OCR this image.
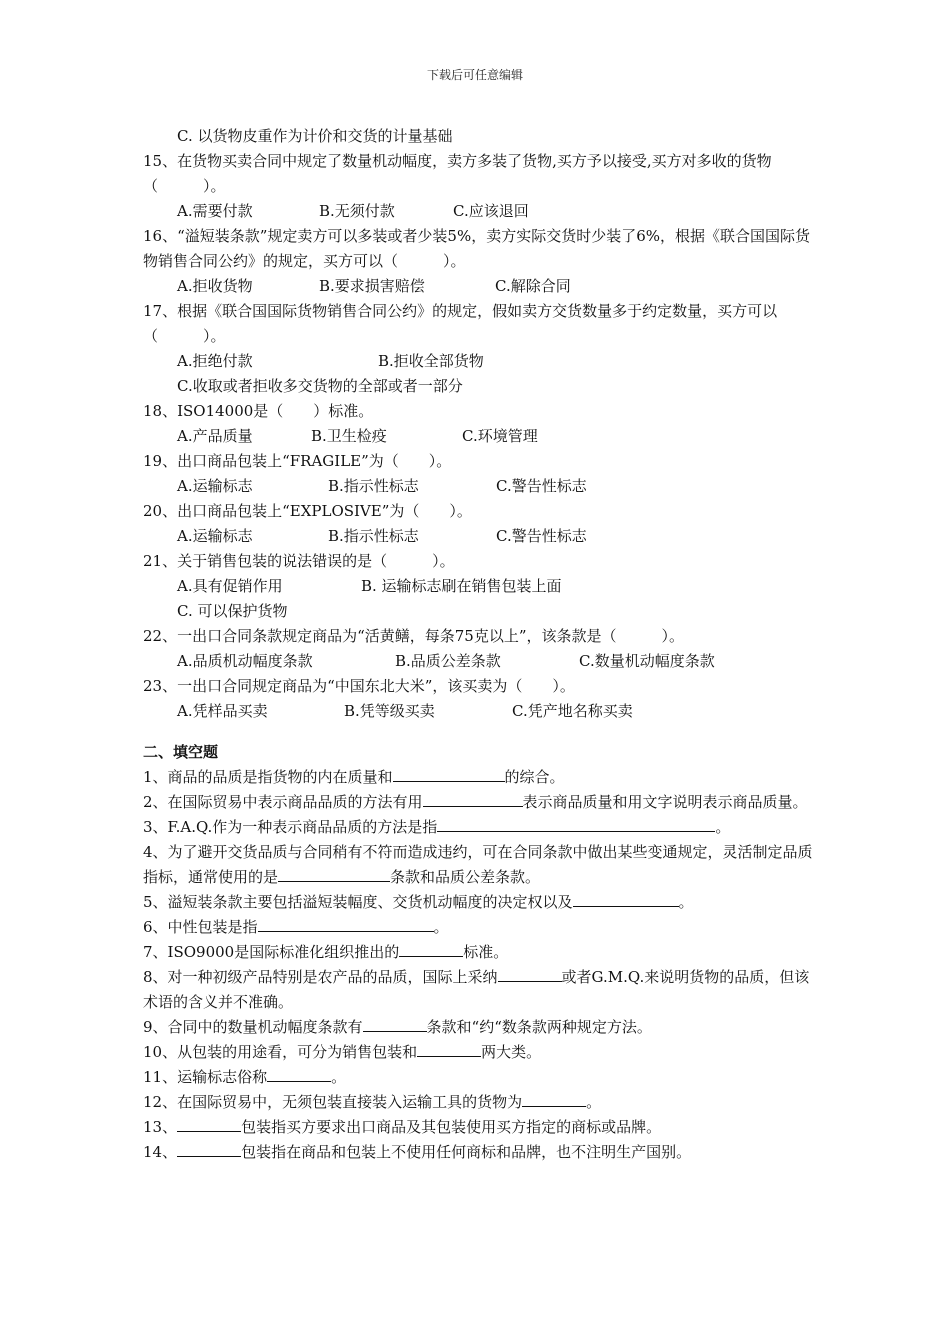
下载后可任意编辑
C. 以货物皮重作为计价和交货的计量基础
15、在货物买卖合同中规定了数量机动幅度，卖方多装了货物,买方予以接受,买方对多收的货物（　　　）。
A.需要付款	B.无须付款	C.应该退回
16、“溢短装条款”规定卖方可以多装或者少装5%，卖方实际交货时少装了6%，根据《联合国国际货物销售合同公约》的规定，买方可以（　　　）。
A.拒收货物	B.要求损害赔偿	C.解除合同
17、根据《联合国国际货物销售合同公约》的规定，假如卖方交货数量多于约定数量，买方可以（　　　）。
A.拒绝付款	B.拒收全部货物
C.收取或者拒收多交货物的全部或者一部分
18、ISO14000是（　　）标准。
A.产品质量	B.卫生检疫	C.环境管理
19、出口商品包装上“FRAGILE”为（　　）。
A.运输标志	B.指示性标志	C.警告性标志
20、出口商品包装上“EXPLOSIVE”为（　　）。
A.运输标志	B.指示性标志	C.警告性标志
21、关于销售包装的说法错误的是（　　　）。
A.具有促销作用	B. 运输标志刷在销售包装上面
C. 可以保护货物
22、一出口合同条款规定商品为“活黄鳝，每条75克以上”，该条款是（　　　）。
A.品质机动幅度条款	B.品质公差条款	C.数量机动幅度条款
23、一出口合同规定商品为“中国东北大米”，该买卖为（　　）。
A.凭样品买卖	B.凭等级买卖	C.凭产地名称买卖
二、填空题
1、商品的品质是指货物的内在质量和	的综合。
2、在国际贸易中表示商品品质的方法有用	表示商品质量和用文字说明表示商品质量。
3、F.A.Q.作为一种表示商品品质的方法是指	。
4、为了避开交货品质与合同稍有不符而造成违约，可在合同条款中做出某些变通规定，灵活制定品质指标，通常使用的是	条款和品质公差条款。
5、溢短装条款主要包括溢短装幅度、交货机动幅度的决定权以及	。
6、中性包装是指	。
7、ISO9000是国际标准化组织推出的	标准。
8、对一种初级产品特别是农产品的品质，国际上采纳	或者G.M.Q.来说明货物的品质，但该术语的含义并不准确。
9、合同中的数量机动幅度条款有	条款和“约“数条款两种规定方法。
10、从包装的用途看，可分为销售包装和	两大类。
11、运输标志俗称	。
12、在国际贸易中，无须包装直接装入运输工具的货物为	。
13、	包装指买方要求出口商品及其包装使用买方指定的商标或品牌。
14、	包装指在商品和包装上不使用任何商标和品牌，也不注明生产国别。
